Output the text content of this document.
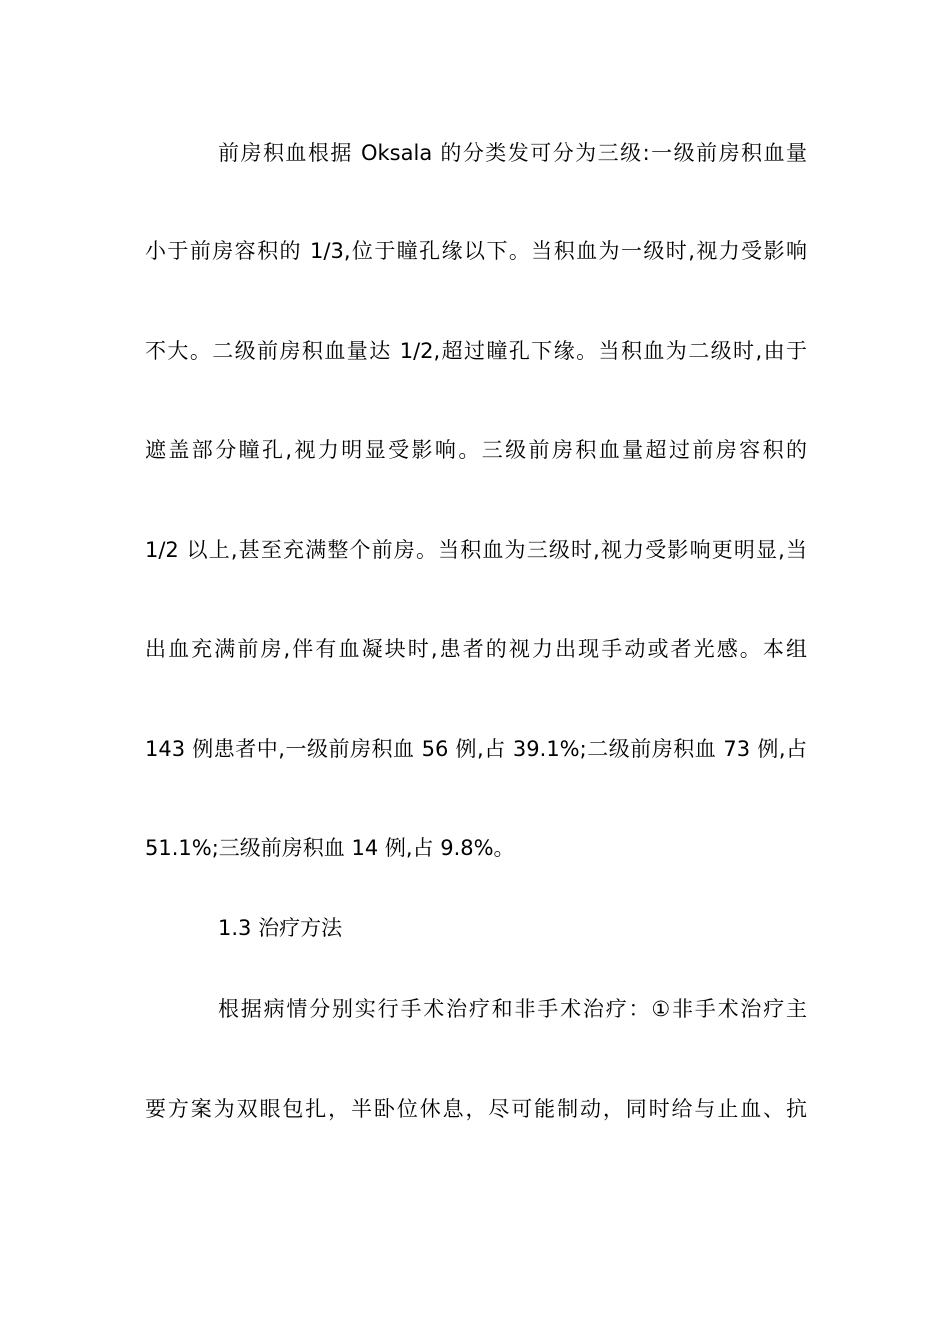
前房积血根据 Oksala 的分类发可分为三级:一级前房积血量
小于前房容积的 1/3,位于瞳孔缘以下。当积血为一级时,视力受影响
不大。二级前房积血量达 1/2,超过瞳孔下缘。当积血为二级时,由于
遮盖部分瞳孔,视力明显受影响。三级前房积血量超过前房容积的
1/2 以上,甚至充满整个前房。当积血为三级时,视力受影响更明显,当
出血充满前房,伴有血凝块时,患者的视力出现手动或者光感。本组
143 例患者中,一级前房积血 56 例,占 39.1%;二级前房积血 73 例,占
51.1%;三级前房积血 14 例,占 9.8%。
1.3 治疗方法
根据病情分别实行手术治疗和非手术治疗：①非手术治疗主
要方案为双眼包扎，半卧位休息，尽可能制动，同时给与止血、抗
